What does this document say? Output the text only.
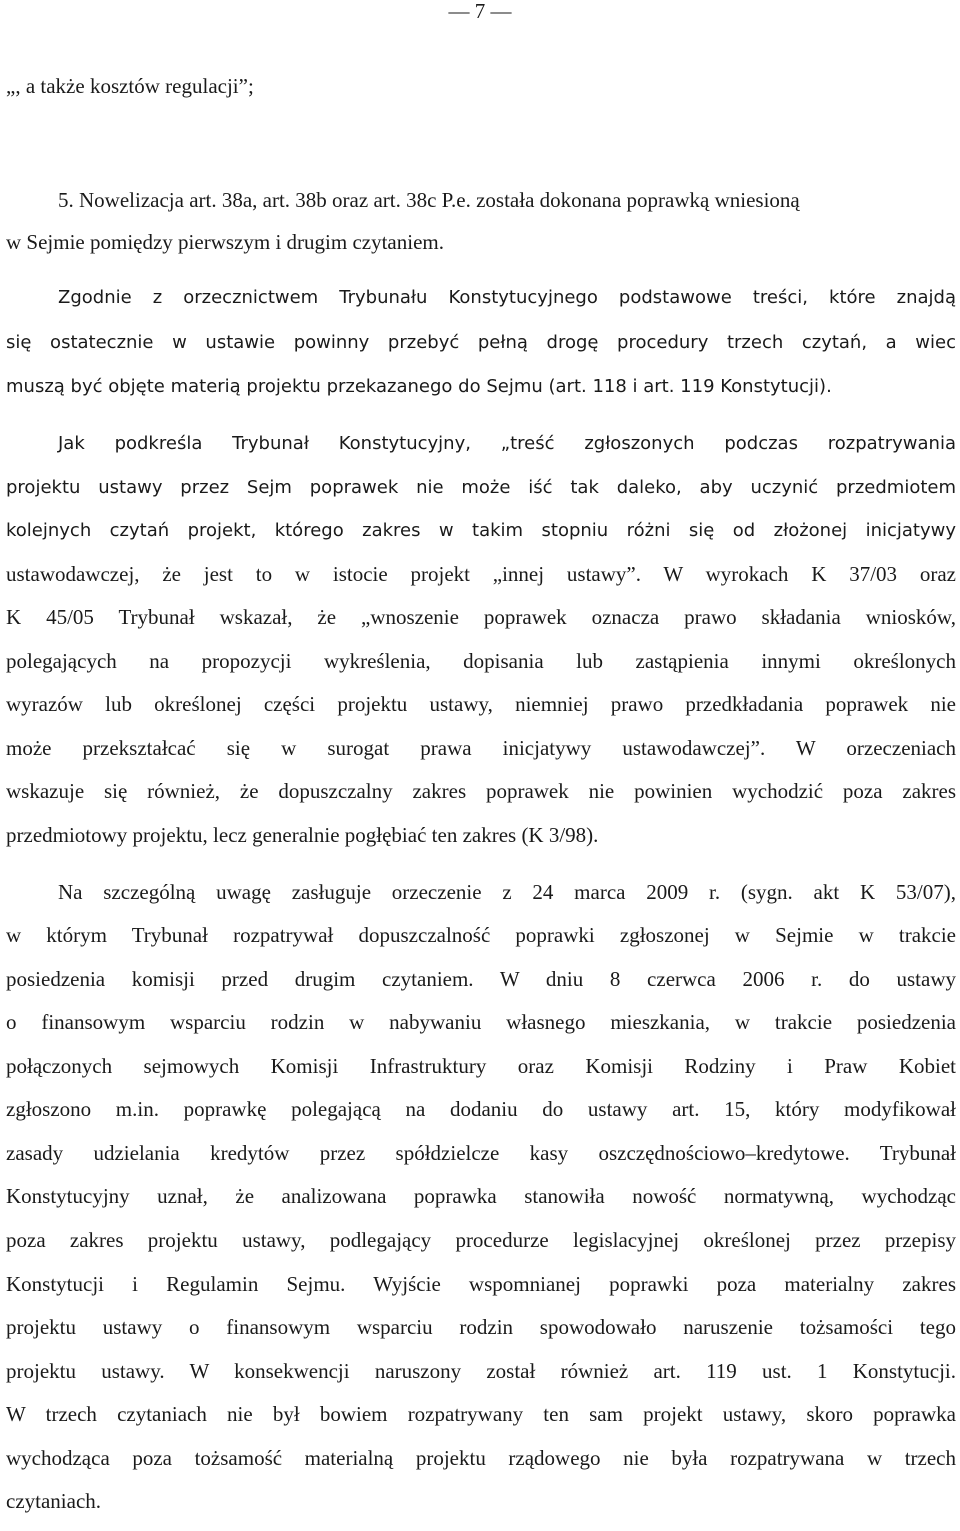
— 7 —
„, a także kosztów regulacji”;
5. Nowelizacja art. 38a, art. 38b oraz art. 38c P.e. została dokonana poprawką wniesioną
w Sejmie pomiędzy pierwszym i drugim czytaniem.
Zgodnie z orzecznictwem Trybunału Konstytucyjnego podstawowe treści, które znajdą
się ostatecznie w ustawie powinny przebyć pełną drogę procedury trzech czytań, a wiec
muszą być objęte materią projektu przekazanego do Sejmu (art. 118 i art. 119 Konstytucji).
Jak podkreśla Trybunał Konstytucyjny, „treść zgłoszonych podczas rozpatrywania
projektu ustawy przez Sejm poprawek nie może iść tak daleko, aby uczynić przedmiotem
kolejnych czytań projekt, którego zakres w takim stopniu różni się od złożonej inicjatywy
ustawodawczej, że jest to w istocie projekt „innej ustawy”. W wyrokach K 37/03 oraz
K 45/05 Trybunał wskazał, że „wnoszenie poprawek oznacza prawo składania wniosków,
polegających na propozycji wykreślenia, dopisania lub zastąpienia innymi określonych
wyrazów lub określonej części projektu ustawy, niemniej prawo przedkładania poprawek nie
może przekształcać się w surogat prawa inicjatywy ustawodawczej”. W orzeczeniach
wskazuje się również, że dopuszczalny zakres poprawek nie powinien wychodzić poza zakres
przedmiotowy projektu, lecz generalnie pogłębiać ten zakres (K 3/98).
Na szczególną uwagę zasługuje orzeczenie z 24 marca 2009 r. (sygn. akt K 53/07),
w którym Trybunał rozpatrywał dopuszczalność poprawki zgłoszonej w Sejmie w trakcie
posiedzenia komisji przed drugim czytaniem. W dniu 8 czerwca 2006 r. do ustawy
o finansowym wsparciu rodzin w nabywaniu własnego mieszkania, w trakcie posiedzenia
połączonych sejmowych Komisji Infrastruktury oraz Komisji Rodziny i Praw Kobiet
zgłoszono m.in. poprawkę polegającą na dodaniu do ustawy art. 15, który modyfikował
zasady udzielania kredytów przez spółdzielcze kasy oszczędnościowo–kredytowe. Trybunał
Konstytucyjny uznał, że analizowana poprawka stanowiła nowość normatywną, wychodząc
poza zakres projektu ustawy, podlegający procedurze legislacyjnej określonej przez przepisy
Konstytucji i Regulamin Sejmu. Wyjście wspomnianej poprawki poza materialny zakres
projektu ustawy o finansowym wsparciu rodzin spowodowało naruszenie tożsamości tego
projektu ustawy. W konsekwencji naruszony został również art. 119 ust. 1 Konstytucji.
W trzech czytaniach nie był bowiem rozpatrywany ten sam projekt ustawy, skoro poprawka
wychodząca poza tożsamość materialną projektu rządowego nie była rozpatrywana w trzech
czytaniach.
